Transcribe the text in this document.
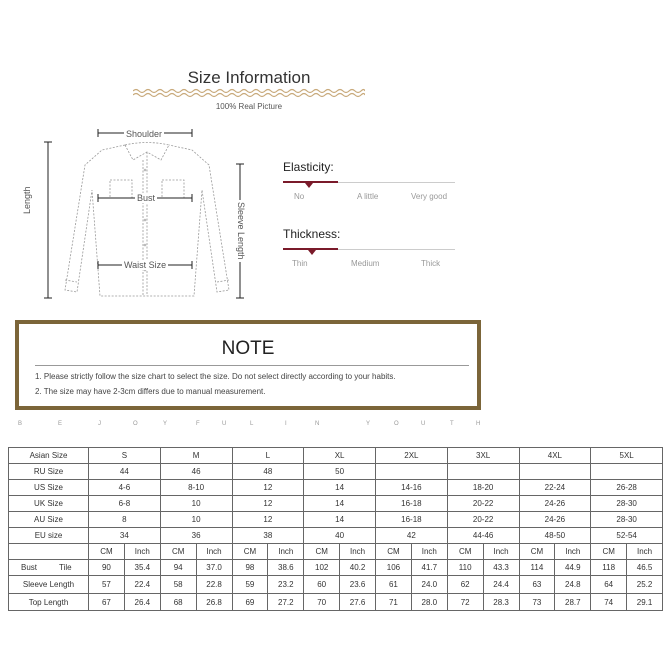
Size Information
100% Real Picture
Shoulder
Bust
Waist Size
Length
Sleeve Length
Elasticity:
No	A little	Very good
Thickness:
Thin	Medium	Thick
NOTE
1. Please strictly follow the size chart to select the size. Do not select directly according to your habits.
2. The size may have 2-3cm differs due to manual measurement.
B	E	J	O	Y	F	U	L	I	N	Y	O	U	T	H
Asian Size	S		M		L		XL		2XL		3XL		4XL		5XL	
RU Size	44		46		48		50									
US Size	4-6		8-10		12		14		14-16		18-20		22-24		26-28	
UK Size	6-8		10		12		14		16-18		20-22		24-26		28-30	
AU Size	8		10		12		14		16-18		20-22		24-26		28-30	
EU size	34		36		38		40		42		44-46		48-50		52-54	
	CM	Inch	CM	Inch	CM	Inch	CM	Inch	CM	Inch	CM	Inch	CM	Inch	CM	Inch
Bust Tile	90	35.4	94	37.0	98	38.6	102	40.2	106	41.7	110	43.3	114	44.9	118	46.5
Sleeve Length	57	22.4	58	22.8	59	23.2	60	23.6	61	24.0	62	24.4	63	24.8	64	25.2
Top Length	67	26.4	68	26.8	69	27.2	70	27.6	71	28.0	72	28.3	73	28.7	74	29.1
